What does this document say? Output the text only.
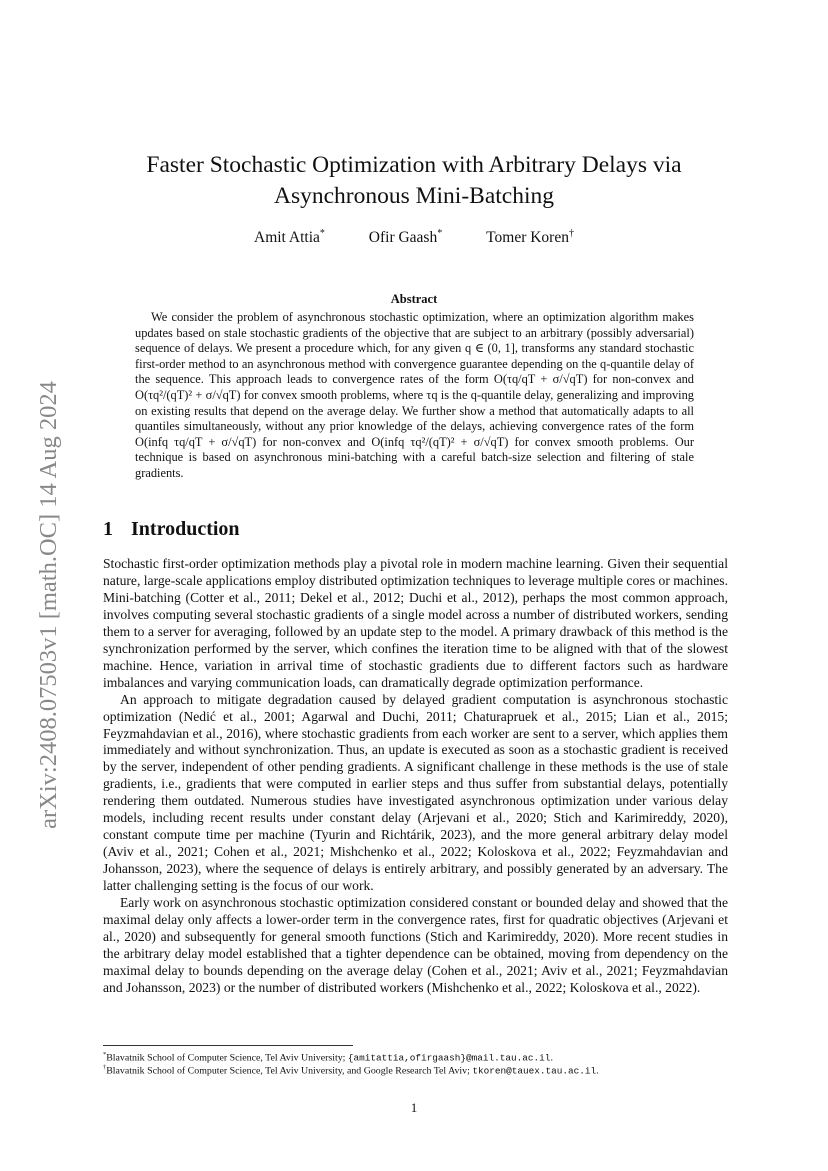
arXiv:2408.07503v1 [math.OC] 14 Aug 2024
Faster Stochastic Optimization with Arbitrary Delays via Asynchronous Mini-Batching
Amit Attia*	Ofir Gaash*	Tomer Koren†
Abstract

We consider the problem of asynchronous stochastic optimization, where an optimization algorithm makes updates based on stale stochastic gradients of the objective that are subject to an arbitrary (possibly adversarial) sequence of delays. We present a procedure which, for any given q ∈ (0, 1], transforms any standard stochastic first-order method to an asynchronous method with convergence guarantee depending on the q-quantile delay of the sequence. This approach leads to convergence rates of the form O(τq/qT + σ/√qT) for non-convex and O(τq²/(qT)² + σ/√qT) for convex smooth problems, where τq is the q-quantile delay, generalizing and improving on existing results that depend on the average delay. We further show a method that automatically adapts to all quantiles simultaneously, without any prior knowledge of the delays, achieving convergence rates of the form O(infq τq/qT + σ/√qT) for non-convex and O(infq τq²/(qT)² + σ/√qT) for convex smooth problems. Our technique is based on asynchronous mini-batching with a careful batch-size selection and filtering of stale gradients.

1 Introduction

Stochastic first-order optimization methods play a pivotal role in modern machine learning. Given their sequential nature, large-scale applications employ distributed optimization techniques to leverage multiple cores or machines. Mini-batching (Cotter et al., 2011; Dekel et al., 2012; Duchi et al., 2012), perhaps the most common approach, involves computing several stochastic gradients of a single model across a number of distributed workers, sending them to a server for averaging, followed by an update step to the model. A primary drawback of this method is the synchronization performed by the server, which confines the iteration time to be aligned with that of the slowest machine. Hence, variation in arrival time of stochastic gradients due to different factors such as hardware imbalances and varying communication loads, can dramatically degrade optimization performance.

An approach to mitigate degradation caused by delayed gradient computation is asynchronous stochastic optimization (Nedić et al., 2001; Agarwal and Duchi, 2011; Chaturapruek et al., 2015; Lian et al., 2015; Feyzmahdavian et al., 2016), where stochastic gradients from each worker are sent to a server, which applies them immediately and without synchronization. Thus, an update is executed as soon as a stochastic gradient is received by the server, independent of other pending gradients. A significant challenge in these methods is the use of stale gradients, i.e., gradients that were computed in earlier steps and thus suffer from substantial delays, potentially rendering them outdated. Numerous studies have investigated asynchronous optimization under various delay models, including recent results under constant delay (Arjevani et al., 2020; Stich and Karimireddy, 2020), constant compute time per machine (Tyurin and Richtárik, 2023), and the more general arbitrary delay model (Aviv et al., 2021; Cohen et al., 2021; Mishchenko et al., 2022; Koloskova et al., 2022; Feyzmahdavian and Johansson, 2023), where the sequence of delays is entirely arbitrary, and possibly generated by an adversary. The latter challenging setting is the focus of our work.

Early work on asynchronous stochastic optimization considered constant or bounded delay and showed that the maximal delay only affects a lower-order term in the convergence rates, first for quadratic objectives (Arjevani et al., 2020) and subsequently for general smooth functions (Stich and Karimireddy, 2020). More recent studies in the arbitrary delay model established that a tighter dependence can be obtained, moving from dependency on the maximal delay to bounds depending on the average delay (Cohen et al., 2021; Aviv et al., 2021; Feyzmahdavian and Johansson, 2023) or the number of distributed workers (Mishchenko et al., 2022; Koloskova et al., 2022).

*Blavatnik School of Computer Science, Tel Aviv University; {amitattia,ofirgaash}@mail.tau.ac.il.
†Blavatnik School of Computer Science, Tel Aviv University, and Google Research Tel Aviv; tkoren@tauex.tau.ac.il.
1
